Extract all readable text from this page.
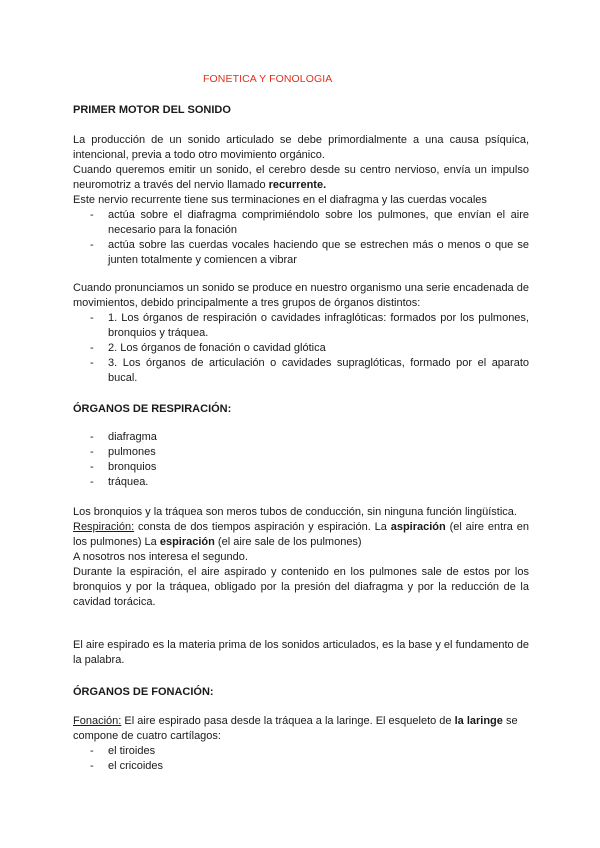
FONETICA Y FONOLOGIA
PRIMER MOTOR DEL SONIDO

La producción de un sonido articulado se debe primordialmente a una causa psíquica, intencional, previa a todo otro movimiento orgánico.

Cuando queremos emitir un sonido, el cerebro desde su centro nervioso, envía un impulso neuromotriz a través del nervio llamado recurrente.

Este nervio recurrente tiene sus terminaciones en el diafragma y las cuerdas vocales

- actúa sobre el diafragma comprimiéndolo sobre los pulmones, que envían el aire necesario para la fonación
- actúa sobre las cuerdas vocales haciendo que se estrechen más o menos o que se junten totalmente y comiencen a vibrar

Cuando pronunciamos un sonido se produce en nuestro organismo una serie encadenada de movimientos, debido principalmente a tres grupos de órganos distintos:

- 1. Los órganos de respiración o cavidades infraglóticas: formados por los pulmones, bronquios y tráquea.
- 2. Los órganos de fonación o cavidad glótica
- 3. Los órganos de articulación o cavidades supraglóticas, formado por el aparato bucal.
ÓRGANOS DE RESPIRACIÓN:
- diafragma
- pulmones
- bronquios
- tráquea.

Los bronquios y la tráquea son meros tubos de conducción, sin ninguna función lingüística.

Respiración: consta de dos tiempos aspiración y espiración. La aspiración (el aire entra en los pulmones) La espiración (el aire sale de los pulmones)

A nosotros nos interesa el segundo.

Durante la espiración, el aire aspirado y contenido en los pulmones sale de estos por los bronquios y por la tráquea, obligado por la presión del diafragma y por la reducción de la cavidad torácica.

El aire espirado es la materia prima de los sonidos articulados, es la base y el fundamento de la palabra.

ÓRGANOS DE FONACIÓN:

Fonación: El aire espirado pasa desde la tráquea a la laringe. El esqueleto de la laringe se compone de cuatro cartílagos:

- el tiroides
- el cricoides
